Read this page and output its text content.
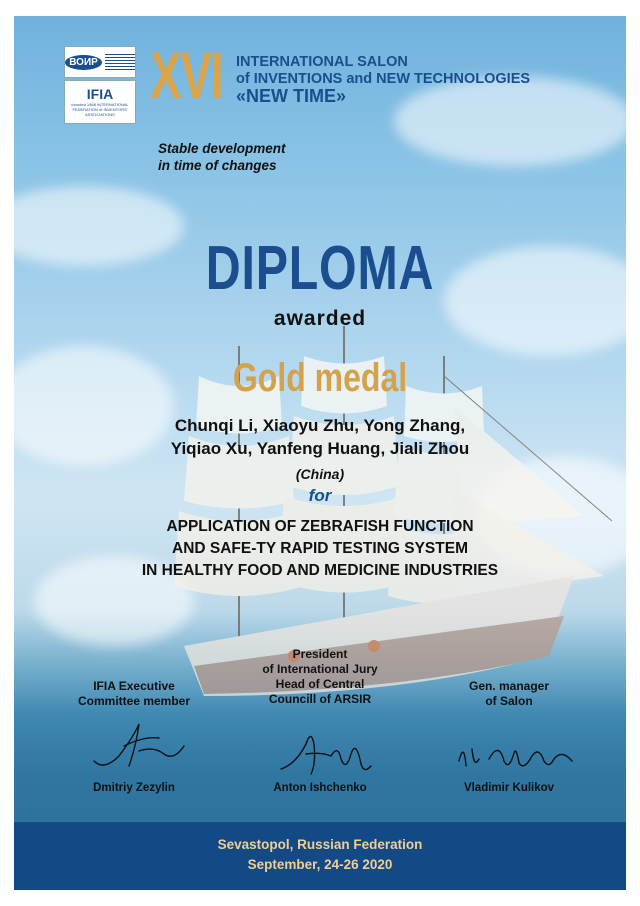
ВОИР
IFIA
founded 1968 INTERNATIONAL FEDERATION of INVENTORS' ASSOCIATIONS
XVI INTERNATIONAL SALON
of INVENTIONS and NEW TECHNOLOGIES
«NEW TIME»
Stable development
in time of changes
DIPLOMA
awarded
Gold medal
Chunqi Li, Xiaoyu Zhu, Yong Zhang,
Yiqiao Xu, Yanfeng Huang, Jiali Zhou
(China)
for
APPLICATION OF ZEBRAFISH FUNCTION
AND SAFE-TY RAPID TESTING SYSTEM
IN HEALTHY FOOD AND MEDICINE INDUSTRIES
IFIA Executive
Committee member
President
of International Jury
Head of Central
Councill of ARSIR
Gen. manager
of Salon
Dmitriy Zezylin	Anton Ishchenko	Vladimir Kulikov
Sevastopol, Russian Federation
September, 24-26 2020
